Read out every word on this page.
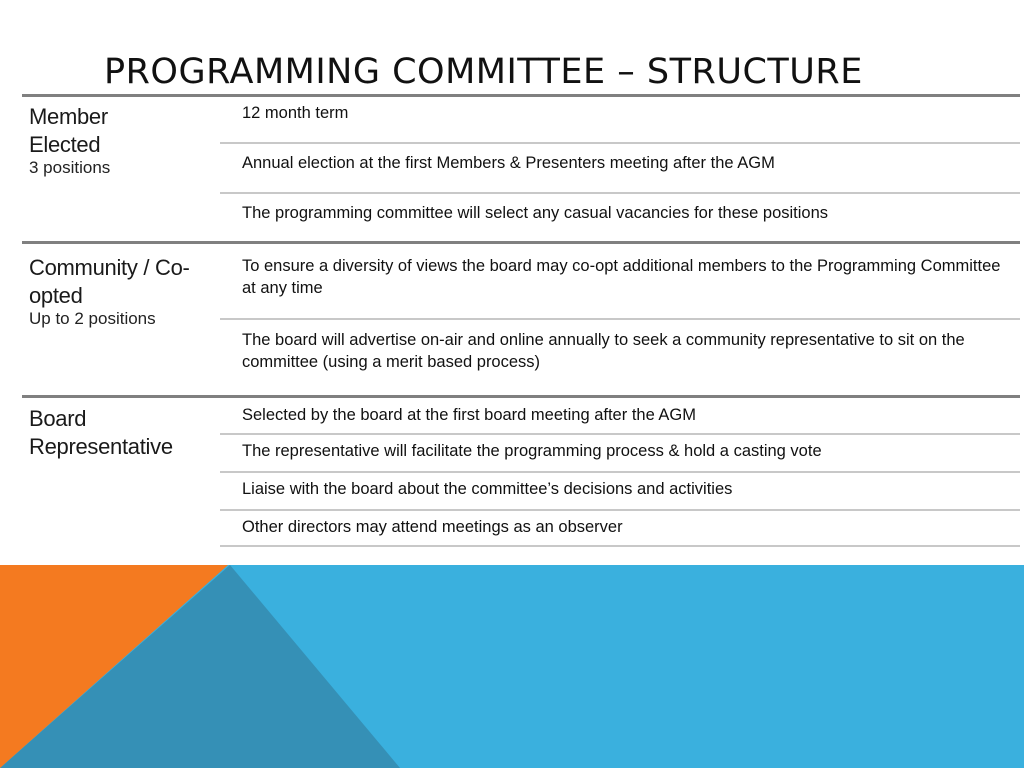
PROGRAMMING COMMITTEE – STRUCTURE
Member Elected
3 positions
12 month term
Annual election at the first Members & Presenters meeting after the AGM
The programming committee will select any casual vacancies for these positions
Community / Co-opted
Up to 2 positions
To ensure a diversity of views the board may co-opt additional members to the Programming Committee at any time
The board will advertise on-air and online annually to seek a community representative to sit on the committee (using a merit based process)
Board Representative
Selected by the board at the first board meeting after the AGM
The representative will facilitate the programming process & hold a casting vote
Liaise with the board about the committee’s decisions and activities
Other directors may attend meetings as an observer
